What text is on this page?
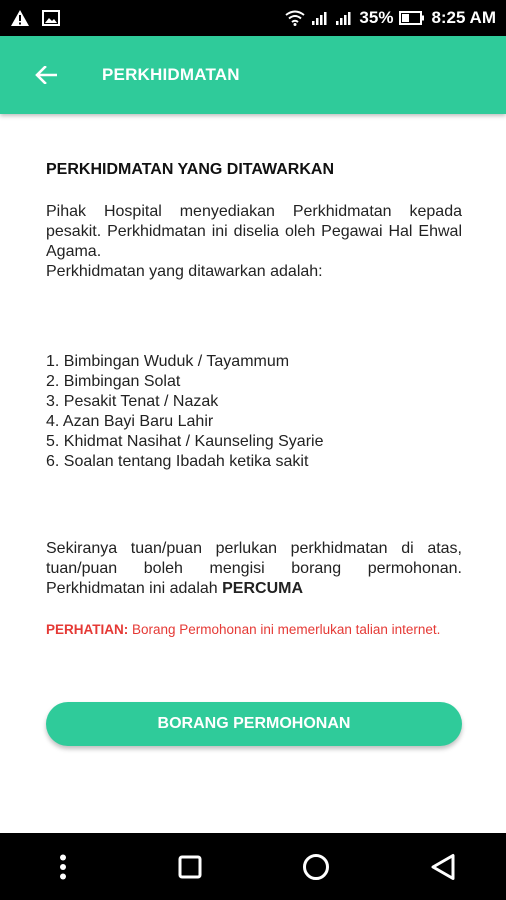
35% 8:25 AM
PERKHIDMATAN
PERKHIDMATAN YANG DITAWARKAN

Pihak Hospital menyediakan Perkhidmatan kepada pesakit. Perkhidmatan ini diselia oleh Pegawai Hal Ehwal Agama.

Perkhidmatan yang ditawarkan adalah:

1. Bimbingan Wuduk / Tayammum
2. Bimbingan Solat
3. Pesakit Tenat / Nazak
4. Azan Bayi Baru Lahir
5. Khidmat Nasihat / Kaunseling Syarie
6. Soalan tentang Ibadah ketika sakit

Sekiranya tuan/puan perlukan perkhidmatan di atas, tuan/puan boleh mengisi borang permohonan. Perkhidmatan ini adalah PERCUMA

PERHATIAN: Borang Permohonan ini memerlukan talian internet.

BORANG PERMOHONAN
